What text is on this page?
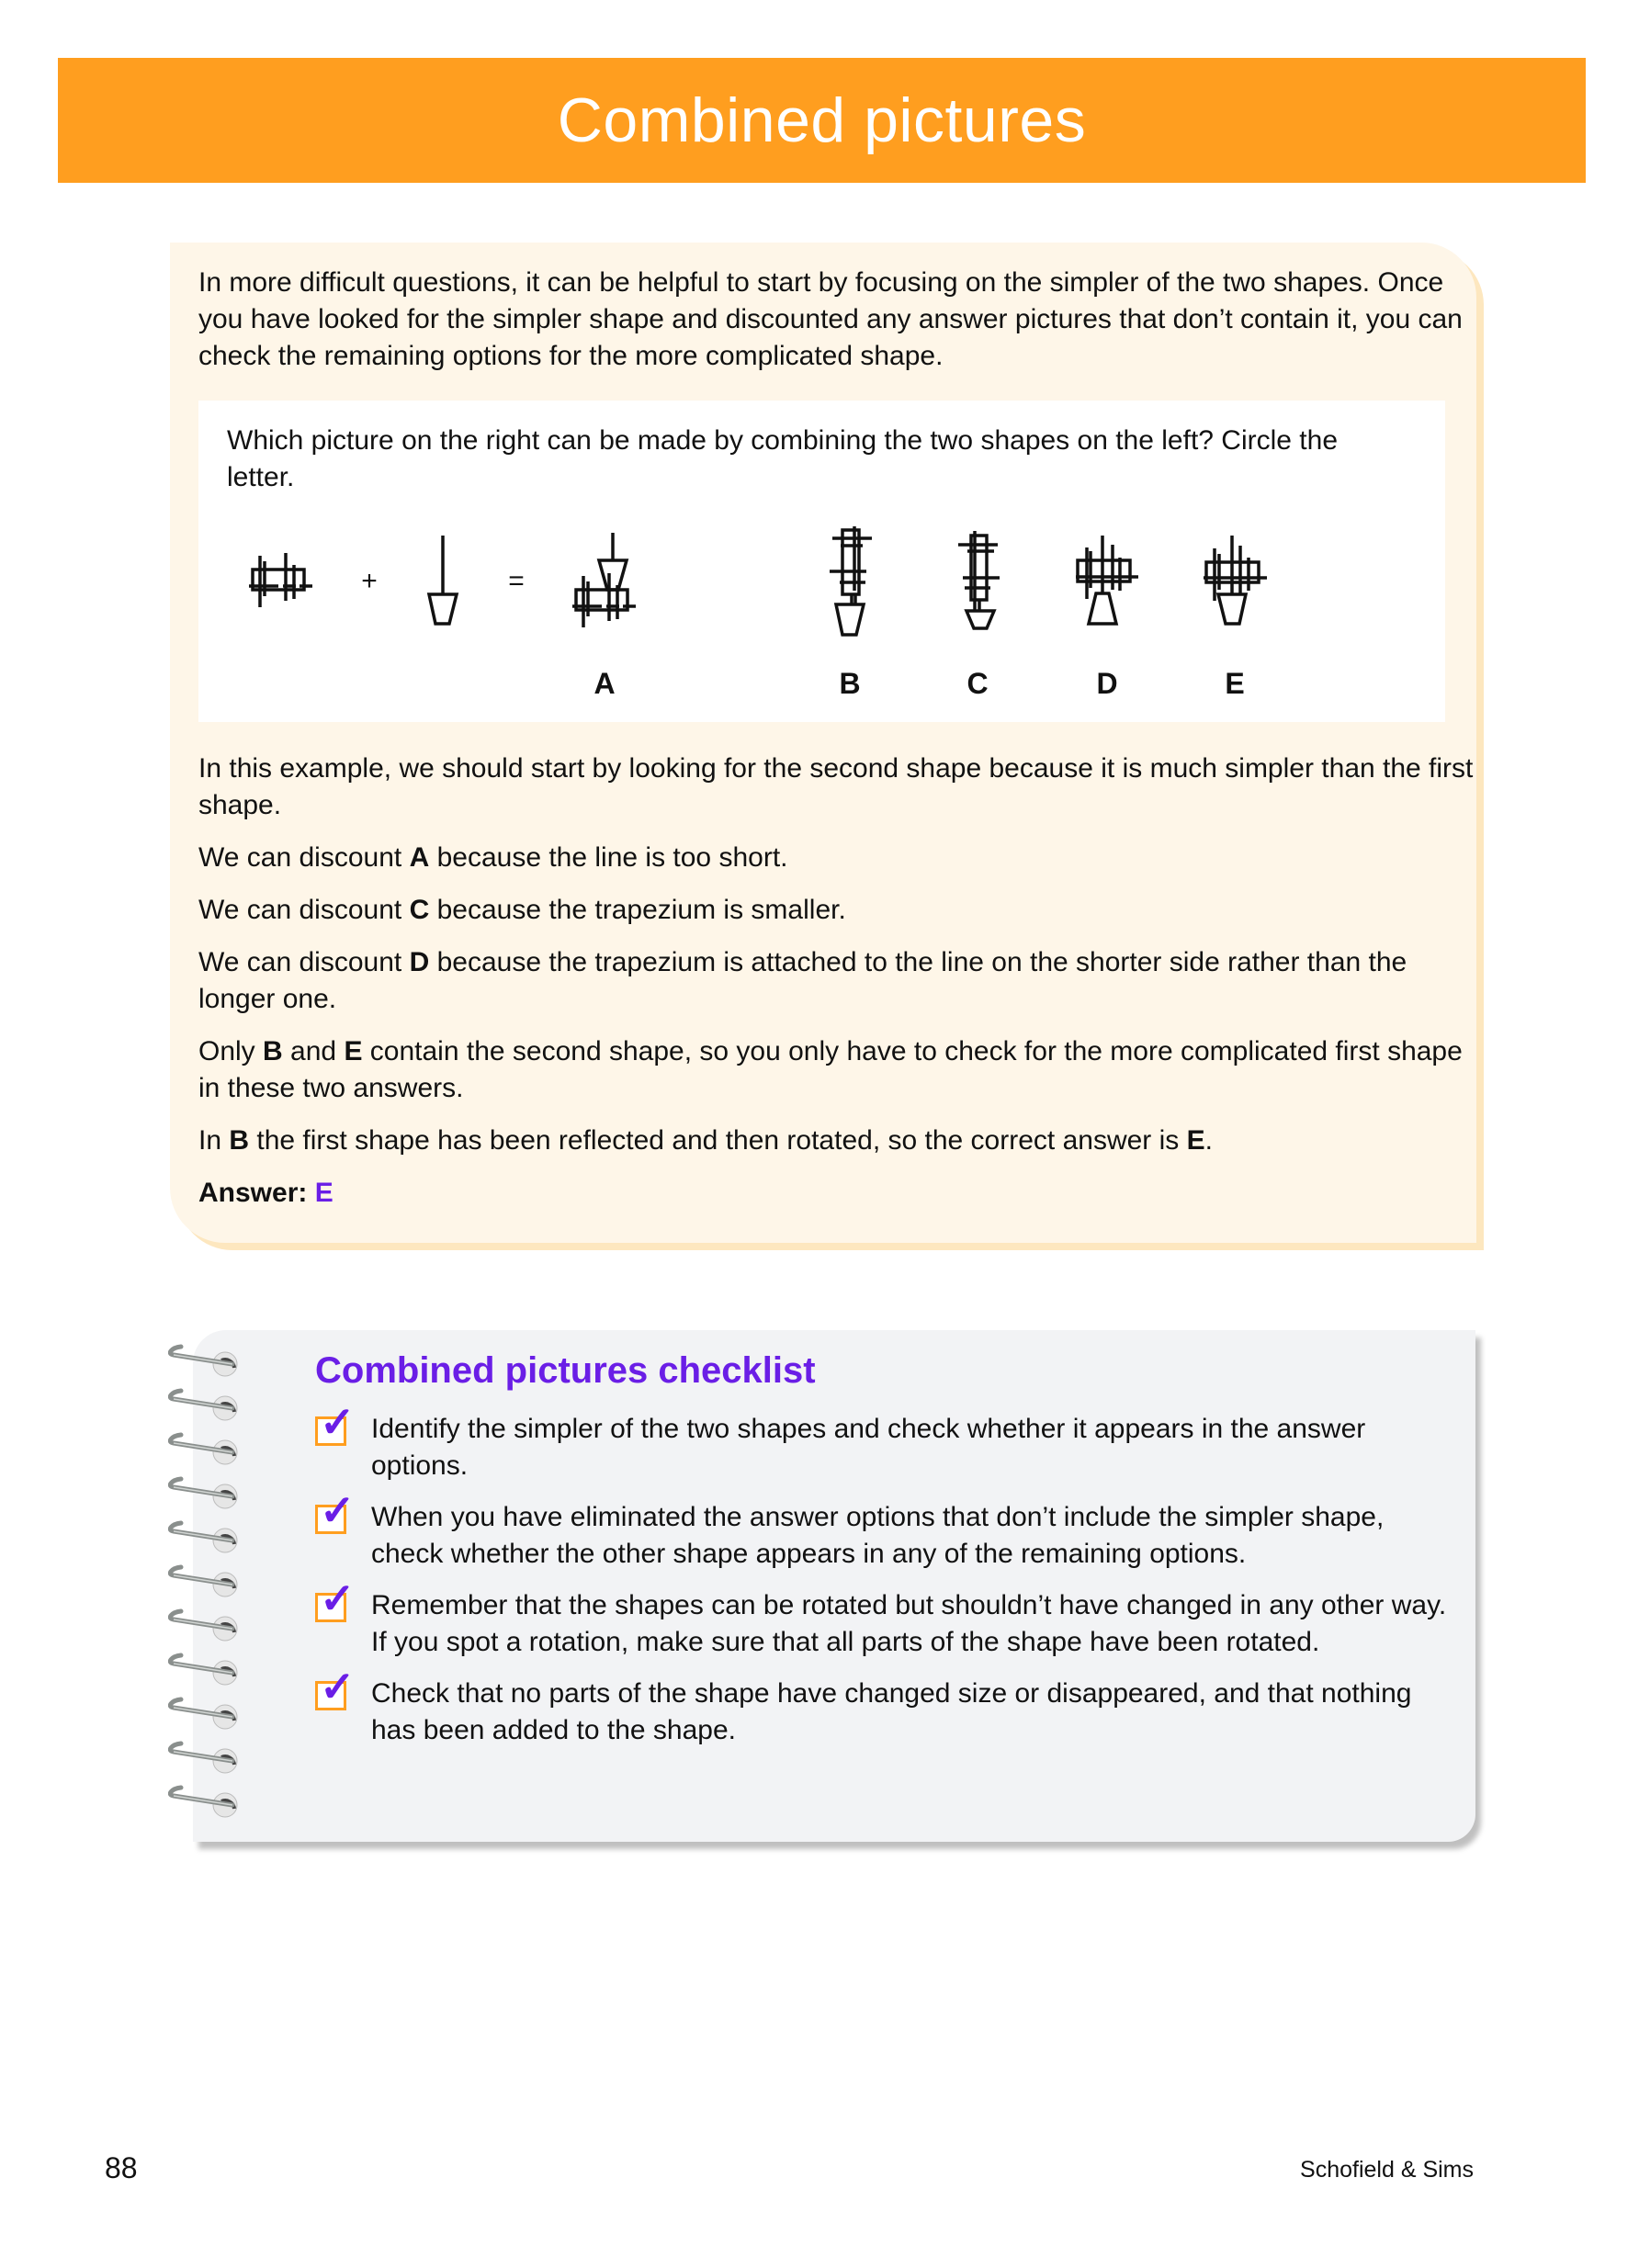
Combined pictures

In more difficult questions, it can be helpful to start by focusing on the simpler of the two shapes. Once you have looked for the simpler shape and discounted any answer pictures that don’t contain it, you can check the remaining options for the more complicated shape.

Which picture on the right can be made by combining the two shapes on the left? Circle the letter.

In this example, we should start by looking for the second shape because it is much simpler than the first shape.

We can discount A because the line is too short.

We can discount C because the trapezium is smaller.

We can discount D because the trapezium is attached to the line on the shorter side rather than the longer one.

Only B and E contain the second shape, so you only have to check for the more complicated first shape in these two answers.

In B the first shape has been reflected and then rotated, so the correct answer is E.

Answer: E

+	=
A	B	C	D	E
Combined pictures checklist
✓ Identify the simpler of the two shapes and check whether it appears in the answer options.
✓ When you have eliminated the answer options that don’t include the simpler shape, check whether the other shape appears in any of the remaining options.
✓ Remember that the shapes can be rotated but shouldn’t have changed in any other way. If you spot a rotation, make sure that all parts of the shape have been rotated.
✓ Check that no parts of the shape have changed size or disappeared, and that nothing has been added to the shape.
88	Schofield & Sims
